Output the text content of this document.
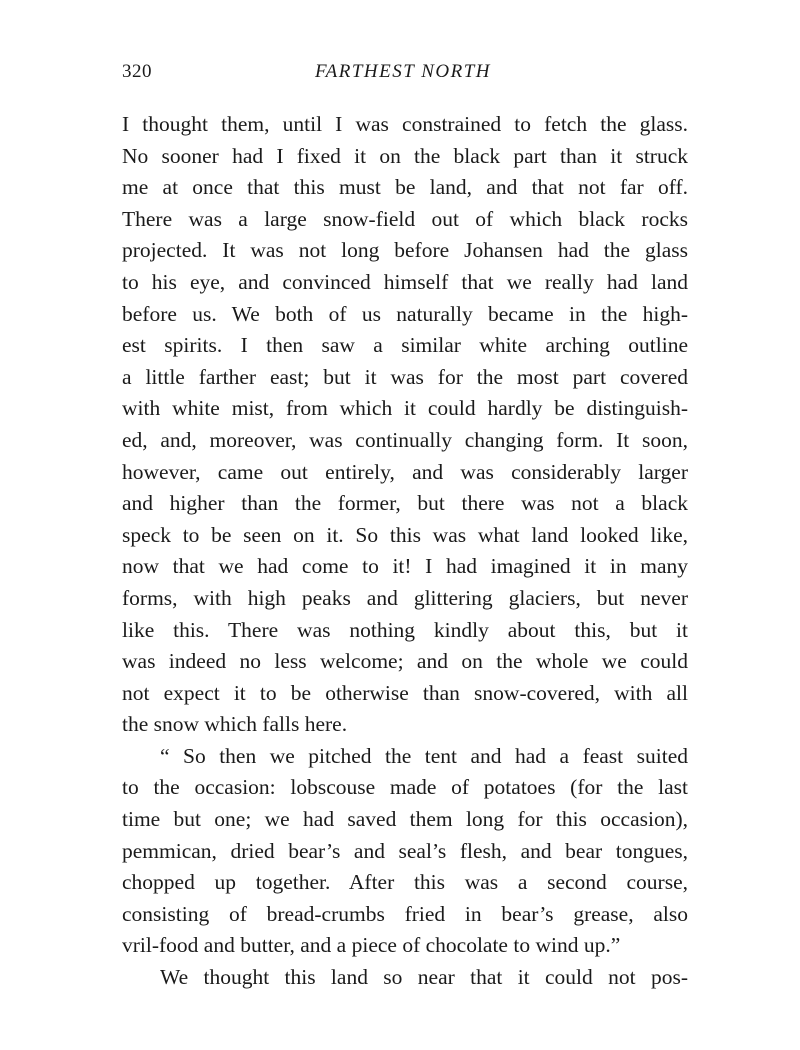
320	FARTHEST NORTH
I thought them, until I was constrained to fetch the glass.
No sooner had I fixed it on the black part than it struck
me at once that this must be land, and that not far off.
There was a large snow-field out of which black rocks
projected. It was not long before Johansen had the glass
to his eye, and convinced himself that we really had land
before us. We both of us naturally became in the high-
est spirits. I then saw a similar white arching outline
a little farther east; but it was for the most part covered
with white mist, from which it could hardly be distinguish-
ed, and, moreover, was continually changing form. It soon,
however, came out entirely, and was considerably larger
and higher than the former, but there was not a black
speck to be seen on it. So this was what land looked like,
now that we had come to it! I had imagined it in many
forms, with high peaks and glittering glaciers, but never
like this. There was nothing kindly about this, but it
was indeed no less welcome; and on the whole we could
not expect it to be otherwise than snow-covered, with all
the snow which falls here.
“ So then we pitched the tent and had a feast suited
to the occasion: lobscouse made of potatoes (for the last
time but one; we had saved them long for this occasion),
pemmican, dried bear’s and seal’s flesh, and bear tongues,
chopped up together. After this was a second course,
consisting of bread-crumbs fried in bear’s grease, also
vril-food and butter, and a piece of chocolate to wind up.”
We thought this land so near that it could not pos-
